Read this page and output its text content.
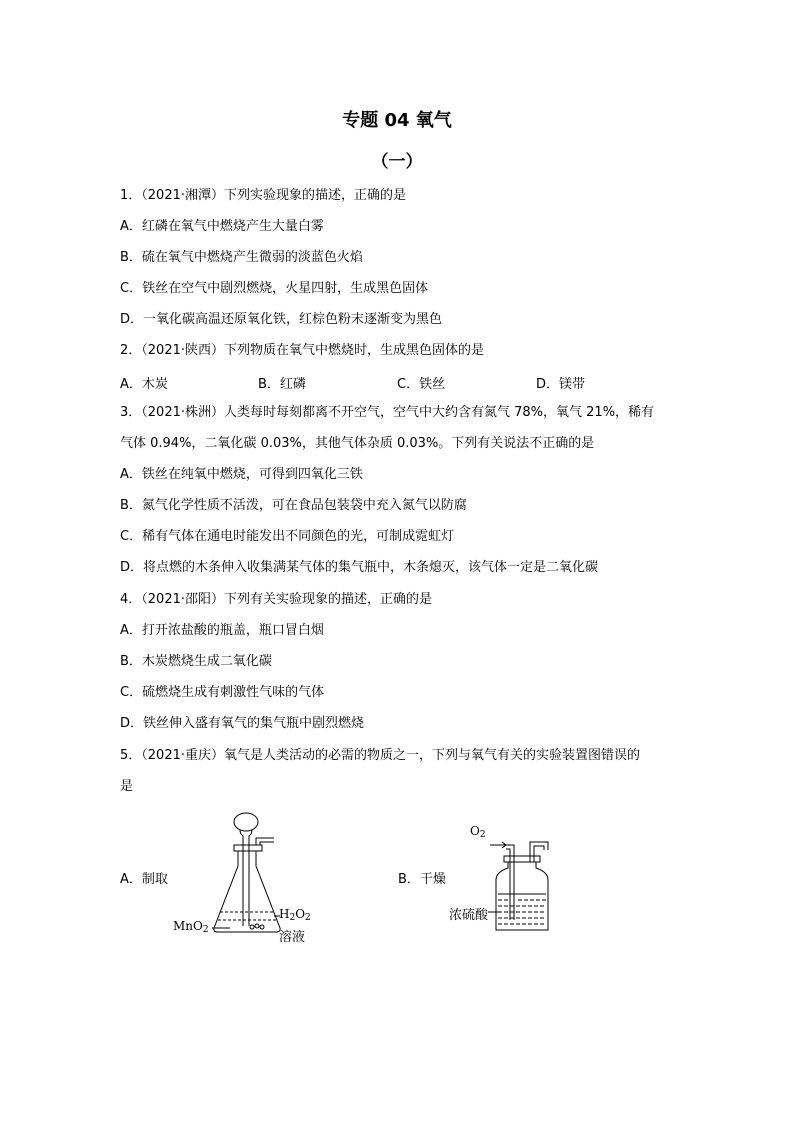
专题 04 氧气
（一）
1．（2021·湘潭）下列实验现象的描述，正确的是
A．红磷在氧气中燃烧产生大量白雾
B．硫在氧气中燃烧产生微弱的淡蓝色火焰
C．铁丝在空气中剧烈燃烧，火星四射，生成黑色固体
D．一氧化碳高温还原氧化铁，红棕色粉末逐渐变为黑色
2．（2021·陕西）下列物质在氧气中燃烧时，生成黑色固体的是
A．木炭	B．红磷	C．铁丝	D．镁带
3．（2021·株洲）人类每时每刻都离不开空气，空气中大约含有氮气 78%，氧气 21%，稀有
气体 0.94%，二氧化碳 0.03%，其他气体杂质 0.03%。下列有关说法不正确的是
A．铁丝在纯氧中燃烧，可得到四氧化三铁
B．氮气化学性质不活泼，可在食品包装袋中充入氮气以防腐
C．稀有气体在通电时能发出不同颜色的光，可制成霓虹灯
D．将点燃的木条伸入收集满某气体的集气瓶中，木条熄灭，该气体一定是二氧化碳
4．（2021·邵阳）下列有关实验现象的描述，正确的是
A．打开浓盐酸的瓶盖，瓶口冒白烟
B．木炭燃烧生成二氧化碳
C．硫燃烧生成有刺激性气味的气体
D．铁丝伸入盛有氧气的集气瓶中剧烈燃烧
5．（2021·重庆）氧气是人类活动的必需的物质之一，下列与氧气有关的实验装置图错误的
是
A．制取	B．干燥
MnO$_2$
$H_2O_2$
溶液
$O_2$
浓硫酸
